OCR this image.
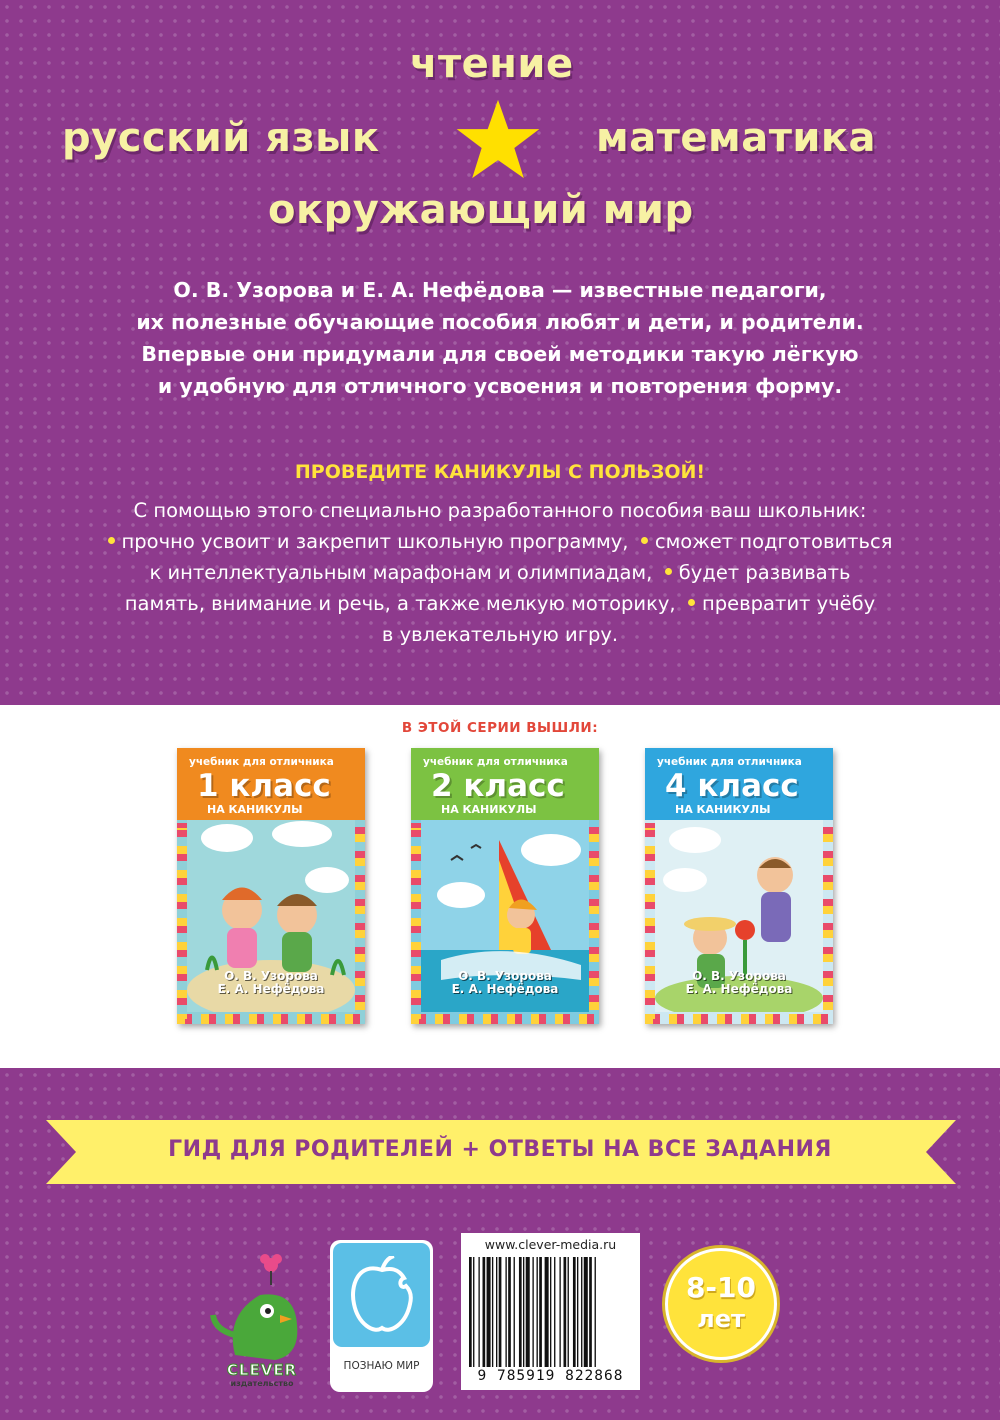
чтение
русский язык	математика
окружающий мир

О. В. Узорова и Е. А. Нефёдова — известные педагоги,

их полезные обучающие пособия любят и дети, и родители.

Впервые они придумали для своей методики такую лёгкую

и удобную для отличного усвоения и повторения форму.

ПРОВЕДИТЕ КАНИКУЛЫ С ПОЛЬЗОЙ!

С помощью этого специально разработанного пособия ваш школьник:

прочно усвоит и закрепит школьную программу, сможет подготовиться

к интеллектуальным марафонам и олимпиадам, будет развивать

память, внимание и речь, а также мелкую моторику, превратит учёбу

в увлекательную игру.

В ЭТОЙ СЕРИИ ВЫШЛИ:
учебник для отличника
1 класс
НА КАНИКУЛЫ
О. В. Узорова
Е. А. Нефёдова
учебник для отличника
2 класс
НА КАНИКУЛЫ
О. В. Узорова
Е. А. Нефёдова
учебник для отличника
4 класс
НА КАНИКУЛЫ
О. В. Узорова
Е. А. Нефёдова
ГИД ДЛЯ РОДИТЕЛЕЙ + ОТВЕТЫ НА ВСЕ ЗАДАНИЯ
CLEVER
издательство
ПОЗНАЮ МИР
www.clever-media.ru
9 785919 822868
8-10
лет
